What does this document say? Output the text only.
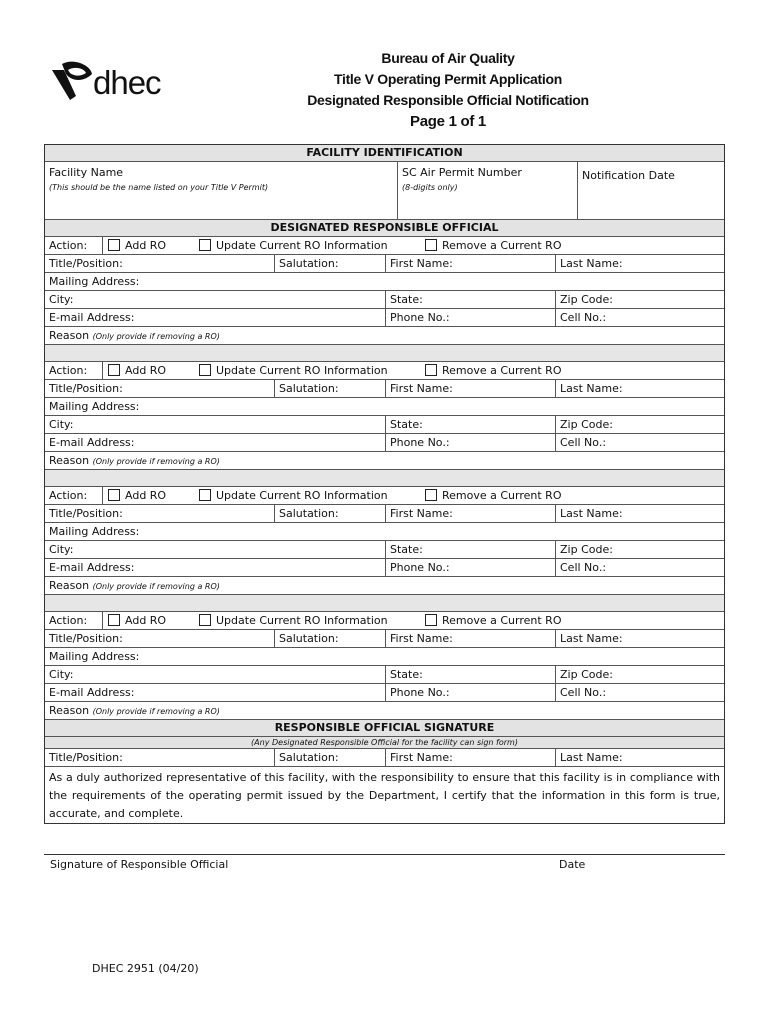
dhec
Bureau of Air Quality
Title V Operating Permit Application
Designated Responsible Official Notification
Page 1 of 1
FACILITY IDENTIFICATION
Facility Name
(This should be the name listed on your Title V Permit)
SC Air Permit Number
(8-digits only)
Notification Date
DESIGNATED RESPONSIBLE OFFICIAL
Action:	Add RO	Update Current RO Information	Remove a Current RO
Title/Position:	Salutation:	First Name:	Last Name:
Mailing Address:
City:	State:	Zip Code:
E-mail Address:	Phone No.:	Cell No.:
Reason (Only provide if removing a RO)
Action:	Add RO	Update Current RO Information	Remove a Current RO
Title/Position:	Salutation:	First Name:	Last Name:
Mailing Address:
City:	State:	Zip Code:
E-mail Address:	Phone No.:	Cell No.:
Reason (Only provide if removing a RO)
Action:	Add RO	Update Current RO Information	Remove a Current RO
Title/Position:	Salutation:	First Name:	Last Name:
Mailing Address:
City:	State:	Zip Code:
E-mail Address:	Phone No.:	Cell No.:
Reason (Only provide if removing a RO)
Action:	Add RO	Update Current RO Information	Remove a Current RO
Title/Position:	Salutation:	First Name:	Last Name:
Mailing Address:
City:	State:	Zip Code:
E-mail Address:	Phone No.:	Cell No.:
Reason (Only provide if removing a RO)
RESPONSIBLE OFFICIAL SIGNATURE
(Any Designated Responsible Official for the facility can sign form)
Title/Position:	Salutation:	First Name:	Last Name:
As a duly authorized representative of this facility, with the responsibility to ensure that this facility is in compliance with the requirements of the operating permit issued by the Department, I certify that the information in this form is true, accurate, and complete.
Signature of Responsible Official	Date
DHEC 2951 (04/20)
